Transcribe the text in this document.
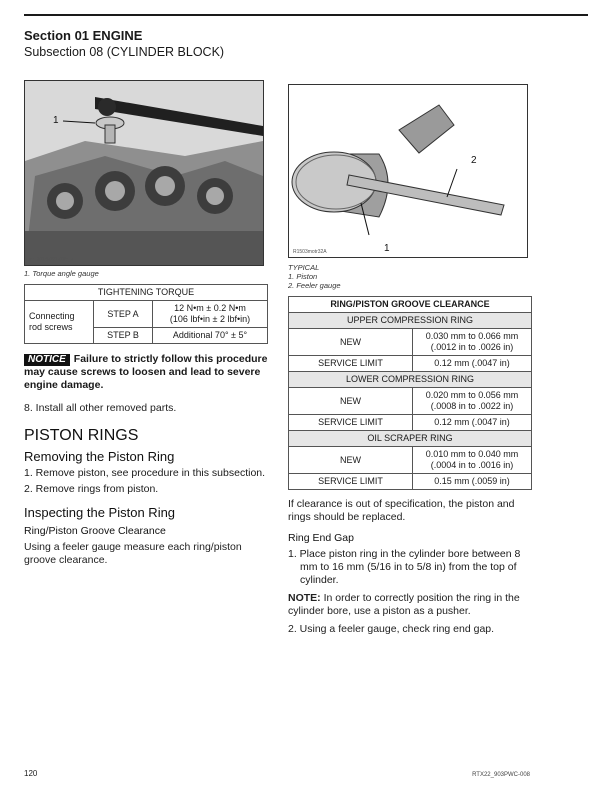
Section 01 ENGINE
Subsection 08 (CYLINDER BLOCK)
1
rmr2014-021-038_a
1. Torque angle gauge
TIGHTENING TORQUE		
Connecting rod screws	STEP A	12 N•m ± 0.2 N•m
(106 lbf•in ± 2 lbf•in)

	STEP B	Additional 70° ± 5°
NOTICE Failure to strictly follow this procedure may cause screws to loosen and lead to severe engine damage.

8. Install all other removed parts.

PISTON RINGS
Removing the Piston Ring
1. Remove piston, see procedure in this subsection.
2. Remove rings from piston.
Inspecting the Piston Ring
Ring/Piston Groove Clearance

Using a feeler gauge measure each ring/piston groove clearance.

2
1
R1503motr32A
TYPICAL
1. Piston
2. Feeler gauge
RING/PISTON GROOVE CLEARANCE	
UPPER COMPRESSION RING	
NEW	0.030 mm to 0.066 mm
(.0012 in to .0026 in)

SERVICE LIMIT	0.12 mm (.0047 in)
LOWER COMPRESSION RING	
NEW	0.020 mm to 0.056 mm
(.0008 in to .0022 in)

SERVICE LIMIT	0.12 mm (.0047 in)
OIL SCRAPER RING	
NEW	0.010 mm to 0.040 mm
(.0004 in to .0016 in)

SERVICE LIMIT	0.15 mm (.0059 in)

If clearance is out of specification, the piston and rings should be replaced.

Ring End Gap
1. Place piston ring in the cylinder bore between 8 mm to 16 mm (5/16 in to 5/8 in) from the top of cylinder.

NOTE: In order to correctly position the ring in the cylinder bore, use a piston as a pusher.

2. Using a feeler gauge, check ring end gap.

120	RTX22_903PWC-008
